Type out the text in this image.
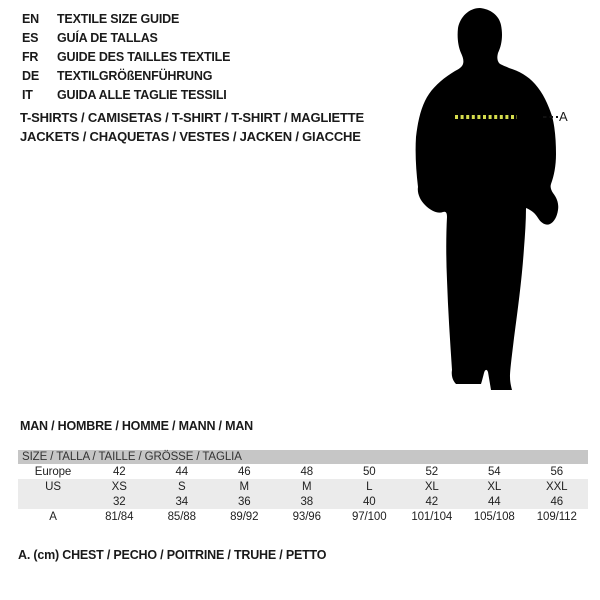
EN	TEXTILE SIZE GUIDE
ES	GUÍA DE TALLAS
FR	GUIDE DES TAILLES TEXTILE
DE	TEXTILGRÖßENFÜHRUNG
IT	GUIDA ALLE TAGLIE TESSILI
T-SHIRTS / CAMISETAS / T-SHIRT / T-SHIRT / MAGLIETTE
JACKETS / CHAQUETAS / VESTES / JACKEN / GIACCHE
A
MAN / HOMBRE / HOMME / MANN / MAN
SIZE / TALLA / TAILLE / GRÖSSE / TAGLIA
Europe	42	44	46	48	50	52	54	56
US	XS	S	M	M	L	XL	XL	XXL
	32	34	36	38	40	42	44	46
A	81/84	85/88	89/92	93/96	97/100	101/104	105/108	109/112
A. (cm) CHEST / PECHO / POITRINE / TRUHE / PETTO
